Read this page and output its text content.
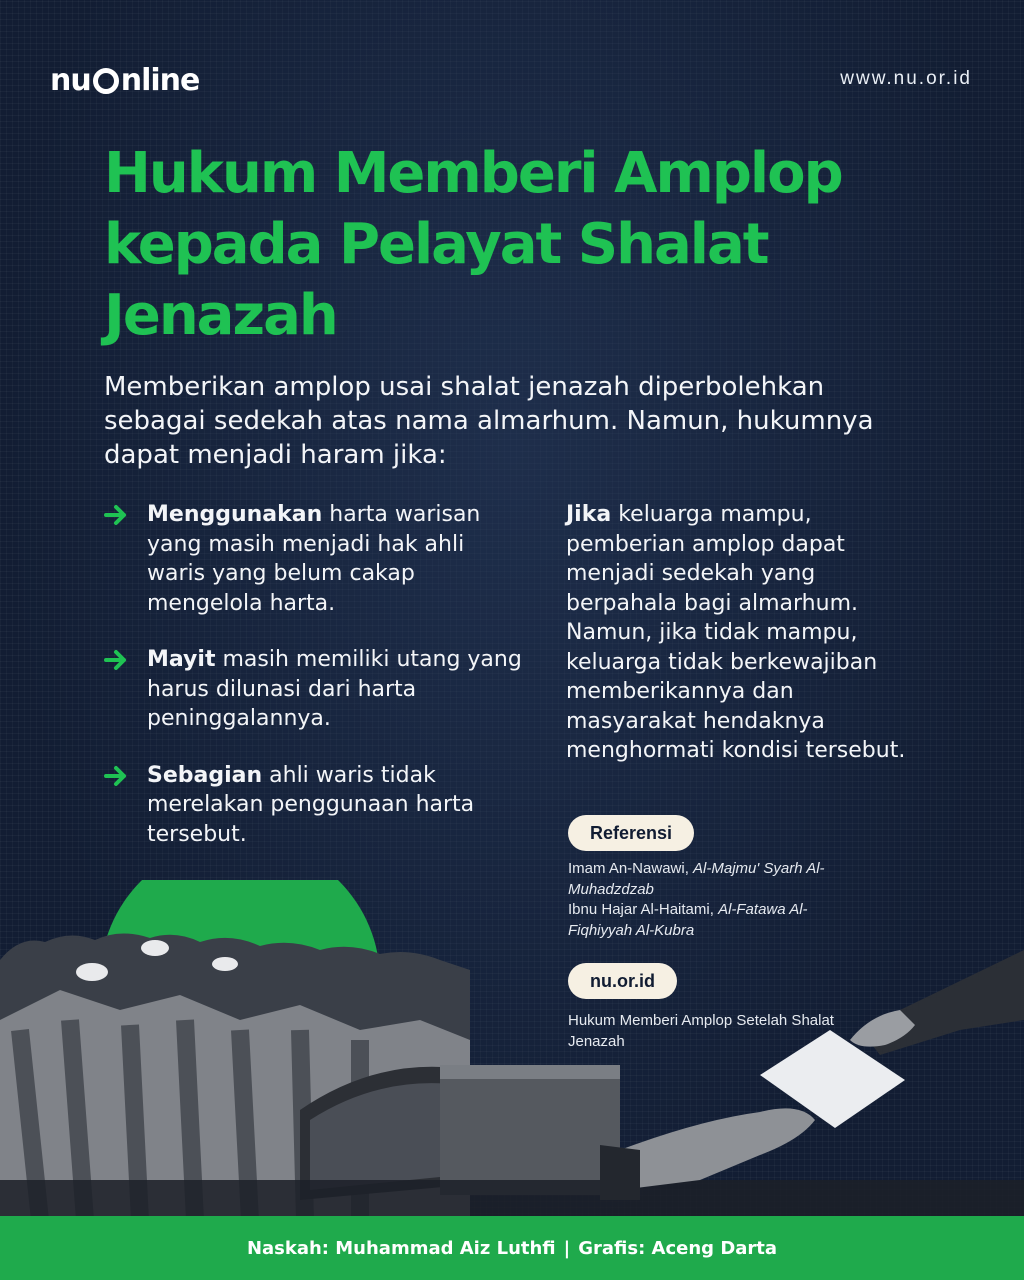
nu nline	www.nu.or.id
Hukum Memberi Amplop kepada Pelayat Shalat Jenazah

Memberikan amplop usai shalat jenazah diperbolehkan sebagai sedekah atas nama almarhum. Namun, hukumnya dapat menjadi haram jika:

Menggunakan harta warisan yang masih menjadi hak ahli waris yang belum cakap mengelola harta.
Mayit masih memiliki utang yang harus dilunasi dari harta peninggalannya.
Sebagian ahli waris tidak merelakan penggunaan harta tersebut.

Jika keluarga mampu, pemberian amplop dapat menjadi sedekah yang berpahala bagi almarhum. Namun, jika tidak mampu, keluarga tidak berkewajiban memberikannya dan masyarakat hendaknya menghormati kondisi tersebut.

Referensi
Imam An-Nawawi, Al-Majmu' Syarh Al-Muhadzdzab
Ibnu Hajar Al-Haitami, Al-Fatawa Al-Fiqhiyyah Al-Kubra
nu.or.id
Hukum Memberi Amplop Setelah Shalat Jenazah
Naskah: Muhammad Aiz Luthfi | Grafis: Aceng Darta
